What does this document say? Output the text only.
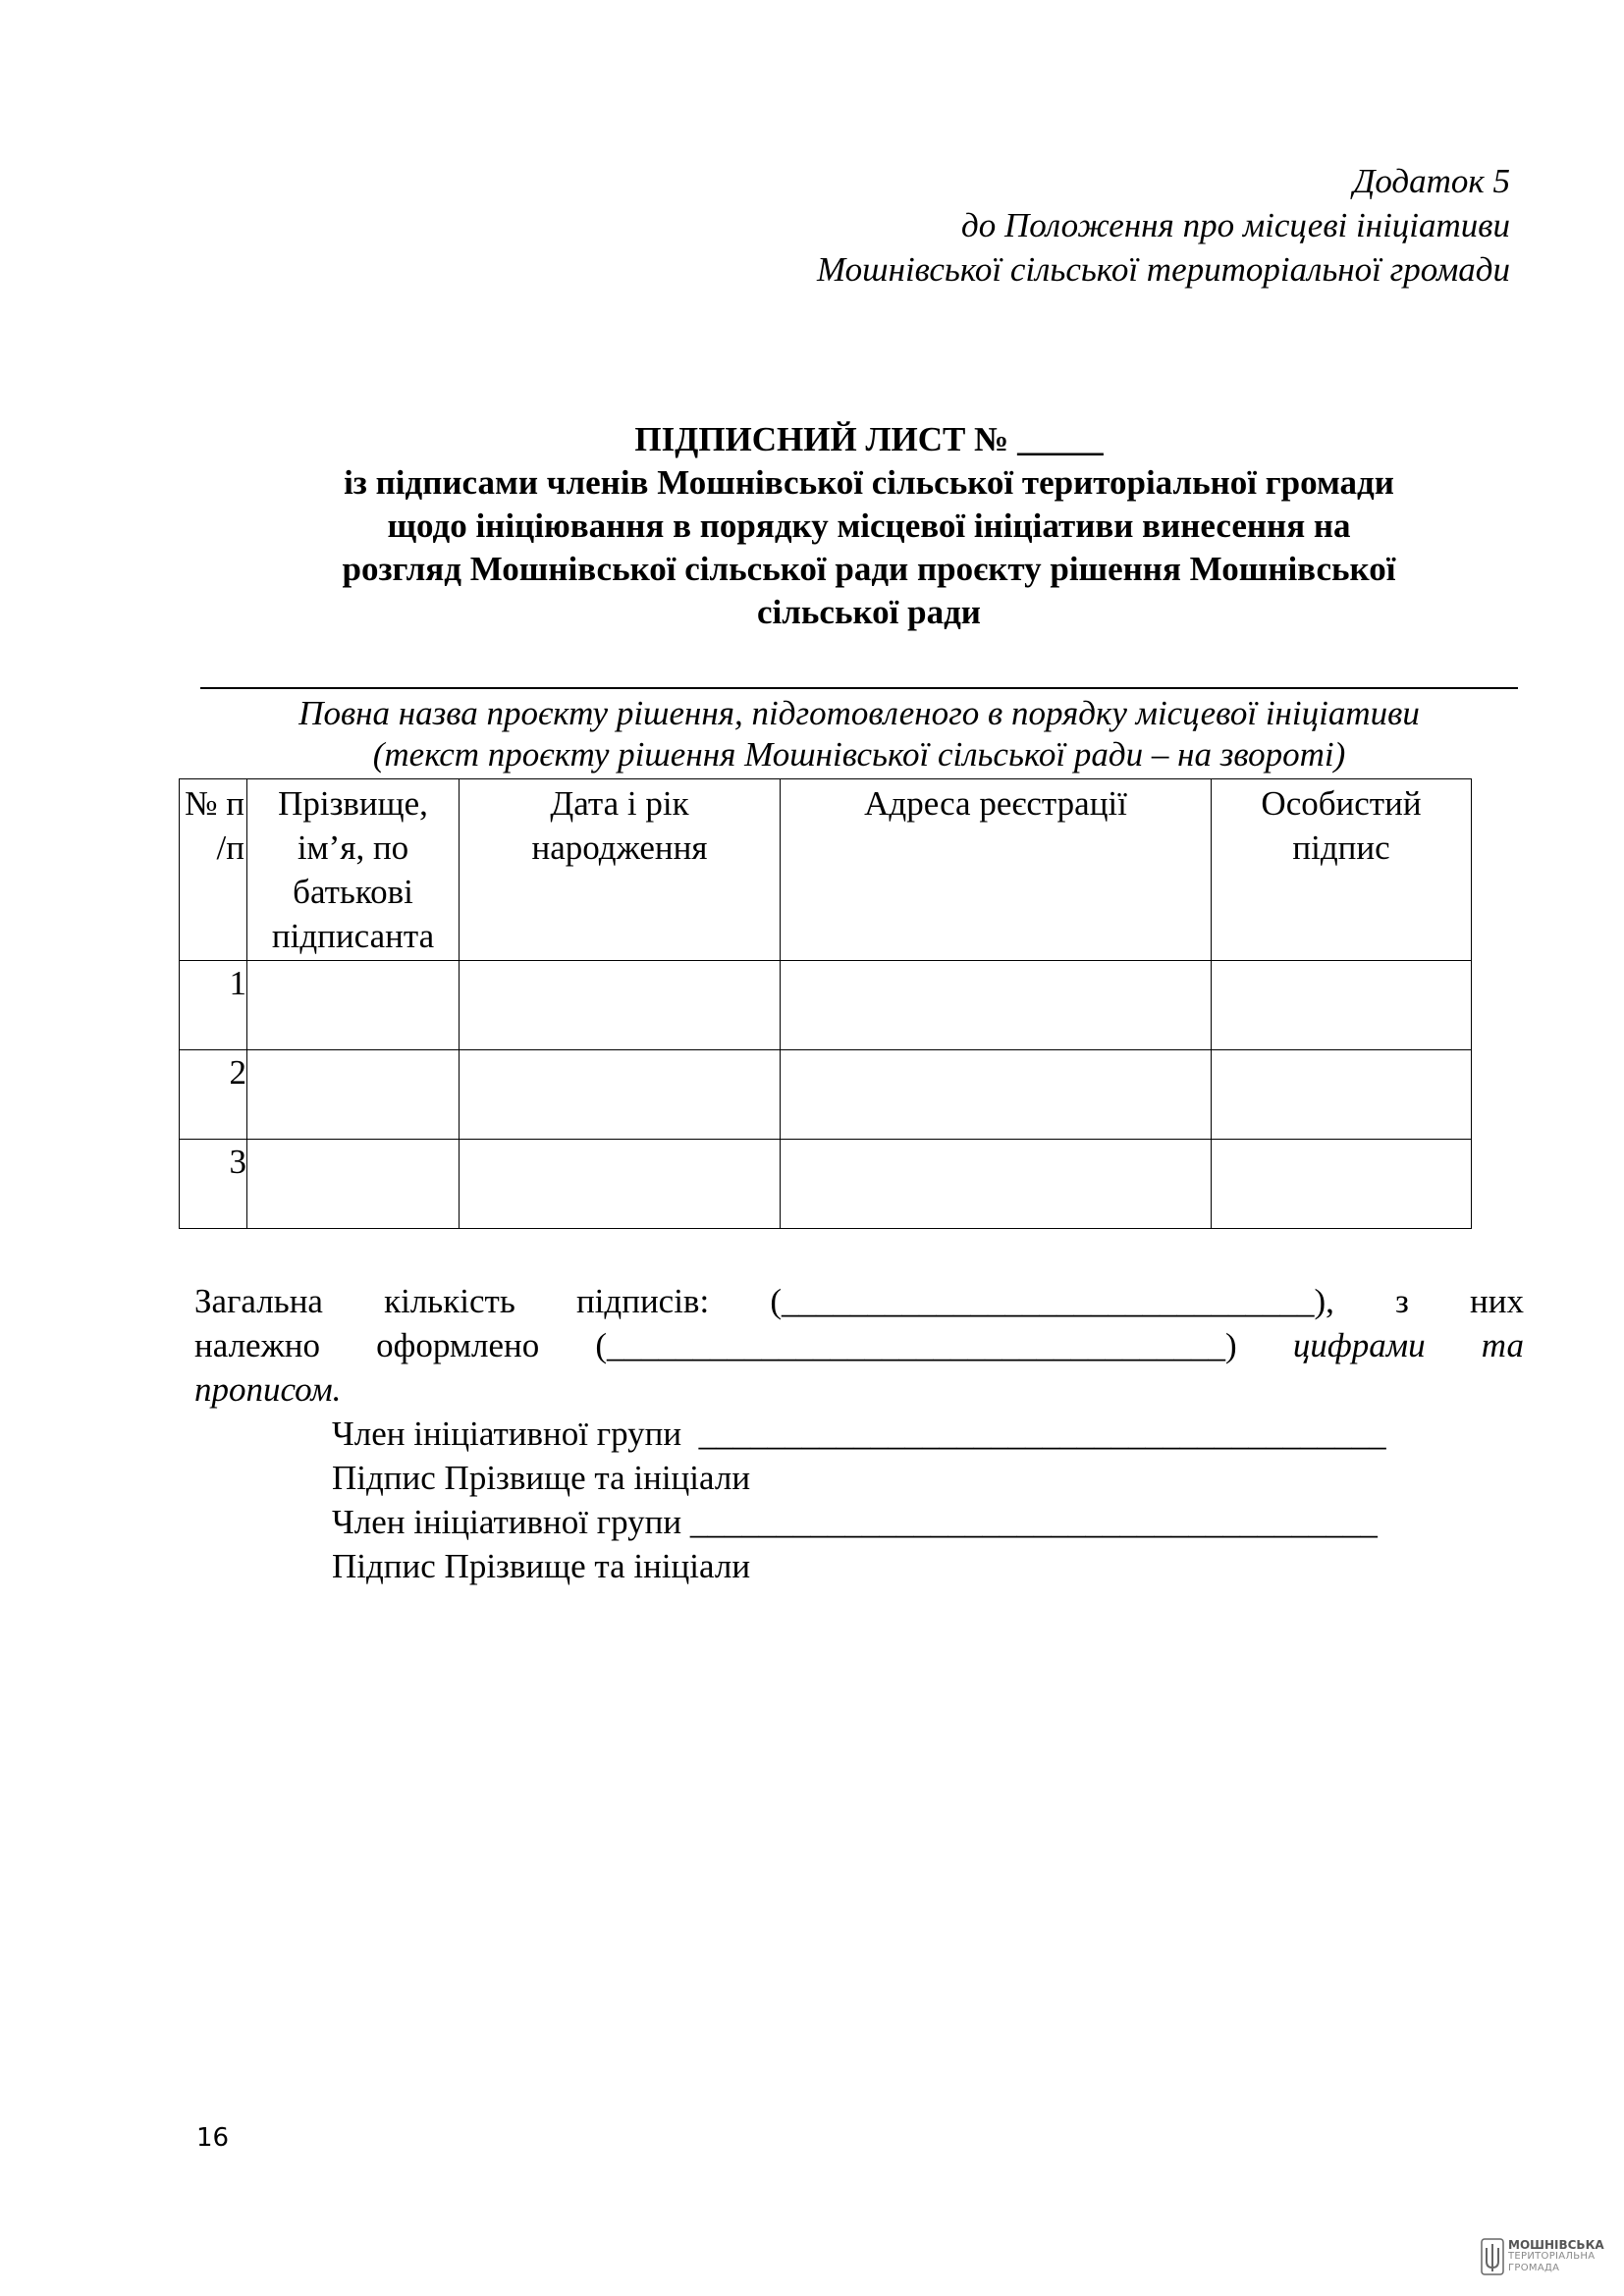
Додаток 5
до Положення про місцеві ініціативи
Мошнівської сільської територіальної громади
ПІДПИСНИЙ ЛИСТ № _____
із підписами членів Мошнівської сільської територіальної громади
щодо ініціювання в порядку місцевої ініціативи винесення на
розгляд Мошнівської сільської ради проєкту рішення Мошнівської
сільської ради
Повна назва проєкту рішення, підготовленого в порядку місцевої ініціативи
(текст проєкту рішення Мошнівської сільської ради – на звороті)
№ п /п	Прізвище, ім’я, по батькові підписанта	Дата і рік народження	Адреса реєстрації	Особистий підпис
1				
2				
3				
Загальна кількість підписів: (_______________________________), з них
належно оформлено (____________________________________) цифрами та
прописом.
Член ініціативної групи  ________________________________________
Підпис Прізвище та ініціали
Член ініціативної групи ________________________________________
Підпис Прізвище та ініціали
16
МОШНІВСЬКА
ТЕРИТОРІАЛЬНА
ГРОМАДА
